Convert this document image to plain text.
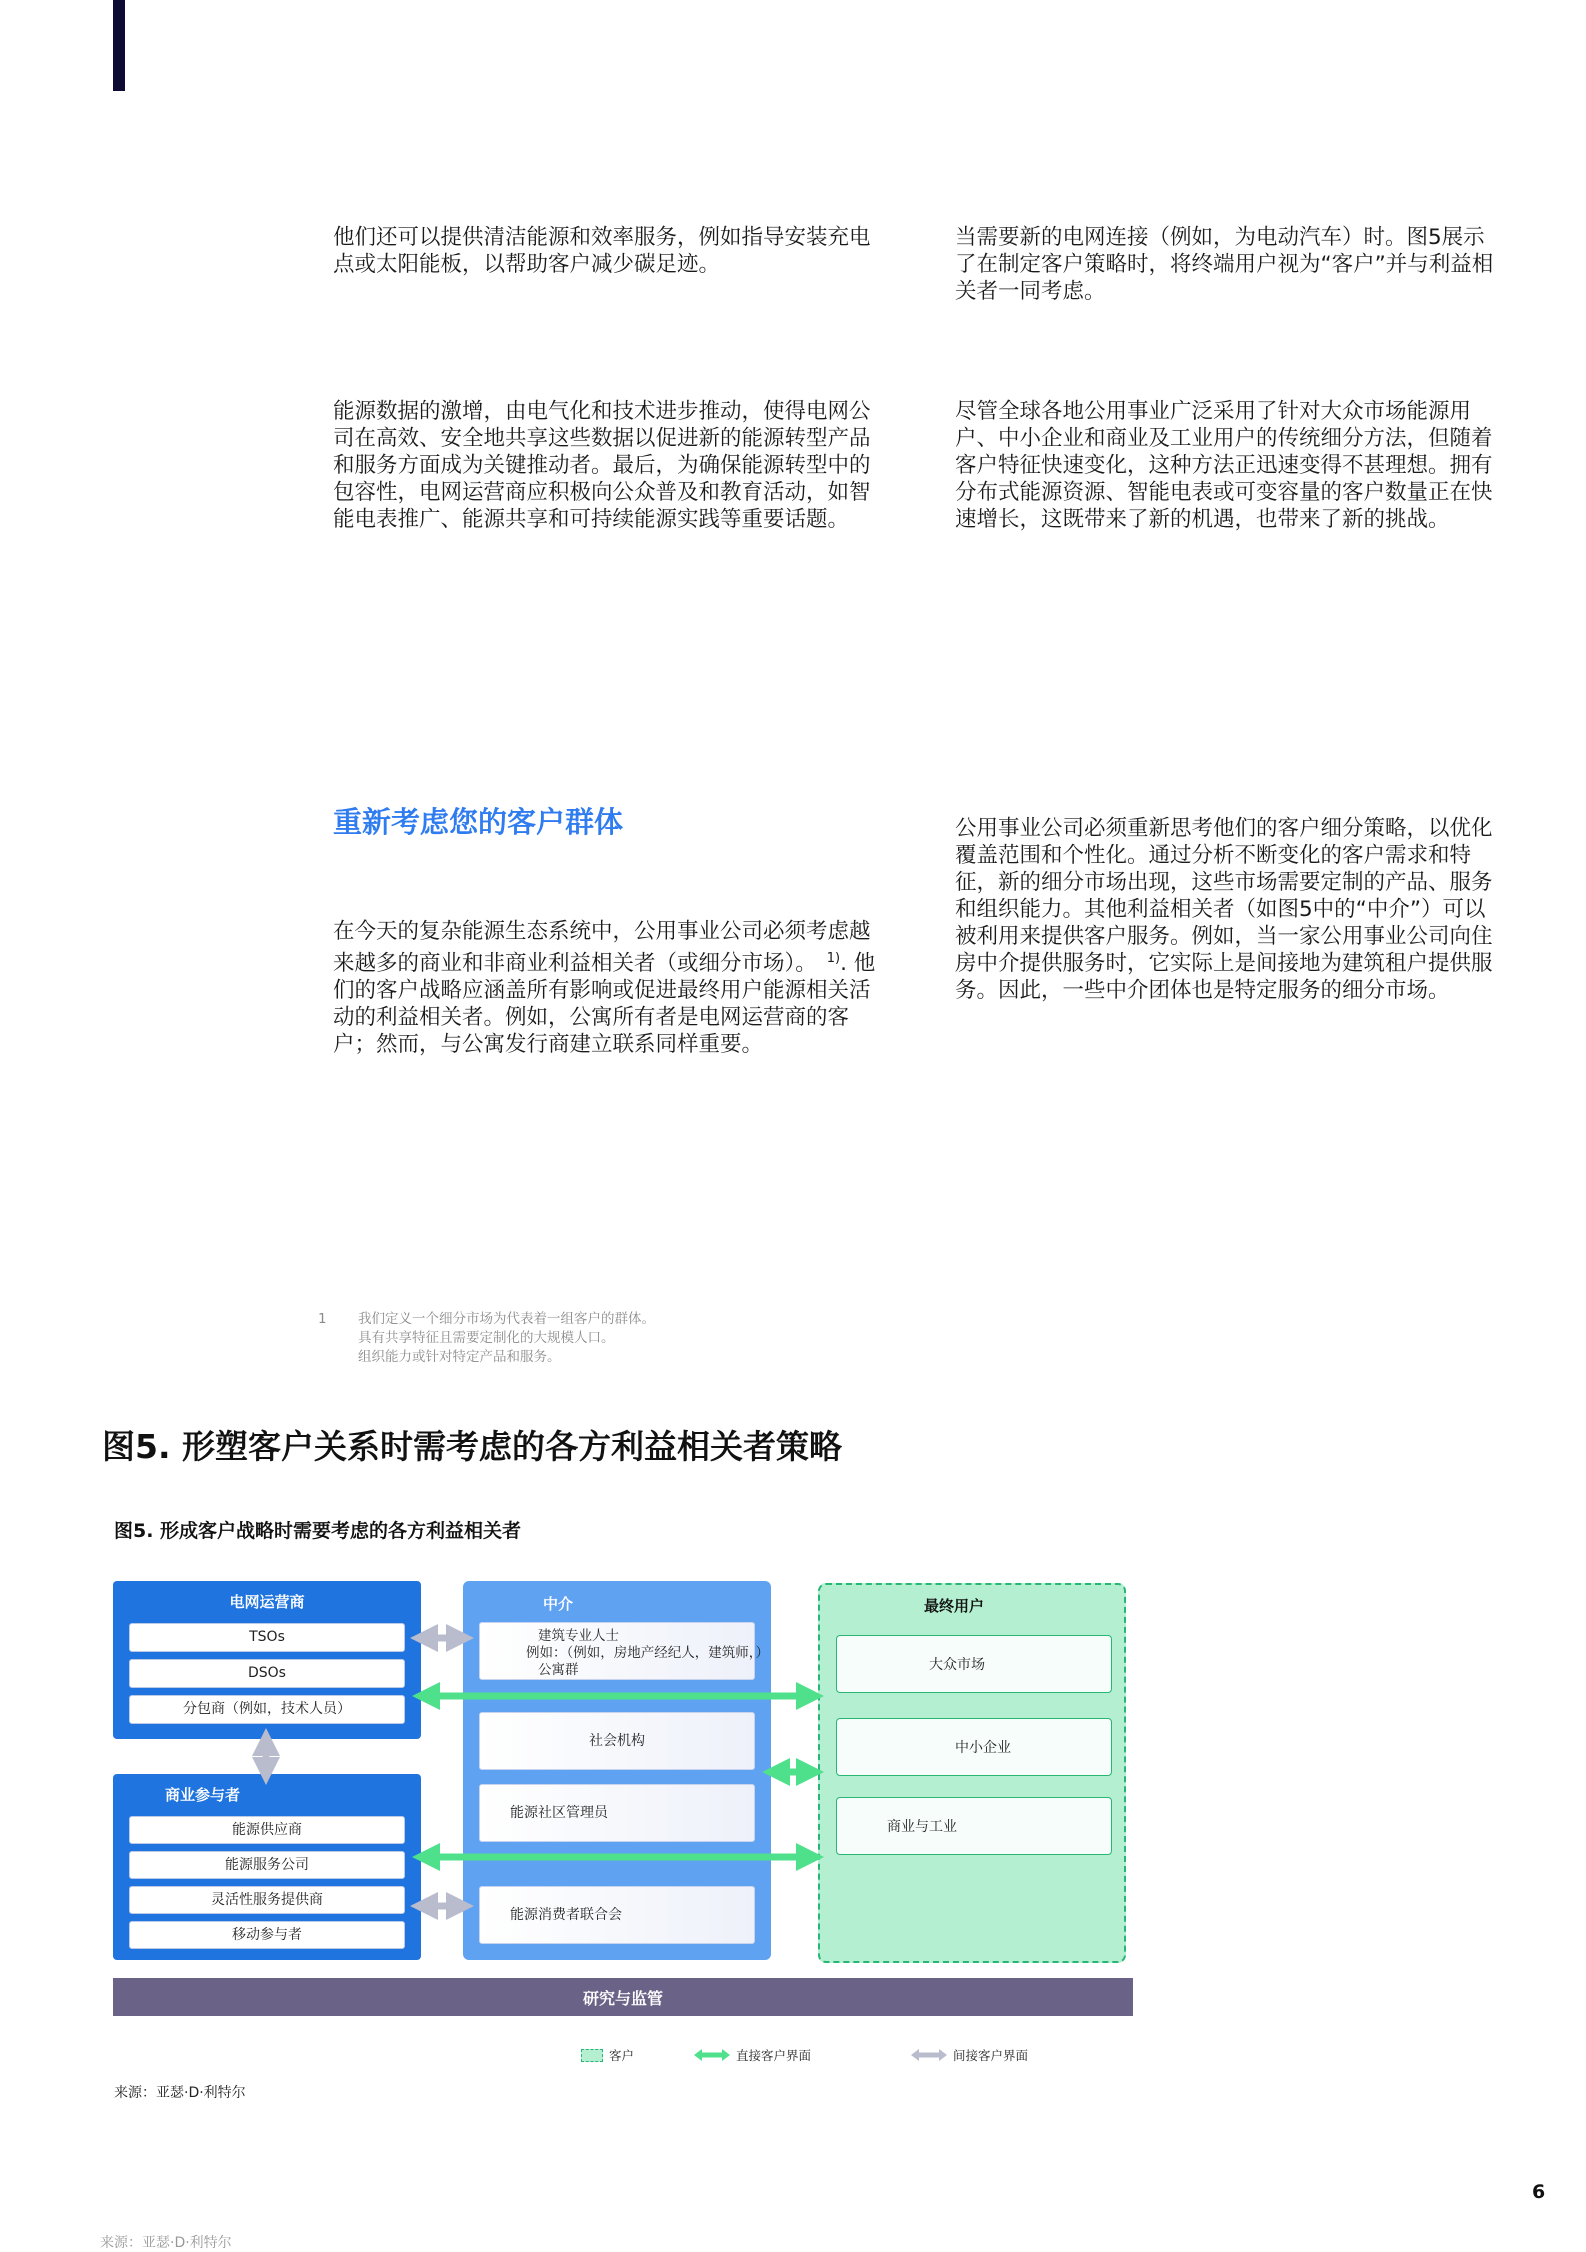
他们还可以提供清洁能源和效率服务，例如指导安装充电点或太阳能板，以帮助客户减少碳足迹。

当需要新的电网连接（例如，为电动汽车）时。图5展示了在制定客户策略时，将终端用户视为“客户”并与利益相关者一同考虑。

能源数据的激增，由电气化和技术进步推动，使得电网公司在高效、安全地共享这些数据以促进新的能源转型产品和服务方面成为关键推动者。最后，为确保能源转型中的包容性，电网运营商应积极向公众普及和教育活动，如智能电表推广、能源共享和可持续能源实践等重要话题。

尽管全球各地公用事业广泛采用了针对大众市场能源用户、中小企业和商业及工业用户的传统细分方法，但随着客户特征快速变化，这种方法正迅速变得不甚理想。拥有分布式能源资源、智能电表或可变容量的客户数量正在快速增长，这既带来了新的机遇，也带来了新的挑战。

重新考虑您的客户群体

在今天的复杂能源生态系统中，公用事业公司必须考虑越来越多的商业和非商业利益相关者（或细分市场）。 $^{1)}$. 他们的客户战略应涵盖所有影响或促进最终用户能源相关活动的利益相关者。例如，公寓所有者是电网运营商的客户；然而，与公寓发行商建立联系同样重要。

公用事业公司必须重新思考他们的客户细分策略，以优化覆盖范围和个性化。通过分析不断变化的客户需求和特征，新的细分市场出现，这些市场需要定制的产品、服务和组织能力。其他利益相关者（如图5中的“中介”）可以被利用来提供客户服务。例如，当一家公用事业公司向住房中介提供服务时，它实际上是间接地为建筑租户提供服务。因此，一些中介团体也是特定服务的细分市场。

1 我们定义一个细分市场为代表着一组客户的群体。
具有共享特征且需要定制化的大规模人口。
组织能力或针对特定产品和服务。
图5. 形塑客户关系时需考虑的各方利益相关者策略

图5. 形成客户战略时需要考虑的各方利益相关者

电网运营商
TSOs
DSOs
分包商（例如，技术人员）
商业参与者
能源供应商
能源服务公司
灵活性服务提供商
移动参与者
中介
建筑专业人士
例如：（例如，房地产经纪人，建筑师，）
公寓群
社会机构
能源社区管理员
能源消费者联合会
最终用户
大众市场
中小企业
商业与工业
研究与监管
客户	直接客户界面	间接客户界面
来源：亚瑟·D·利特尔
6
来源：亚瑟·D·利特尔
